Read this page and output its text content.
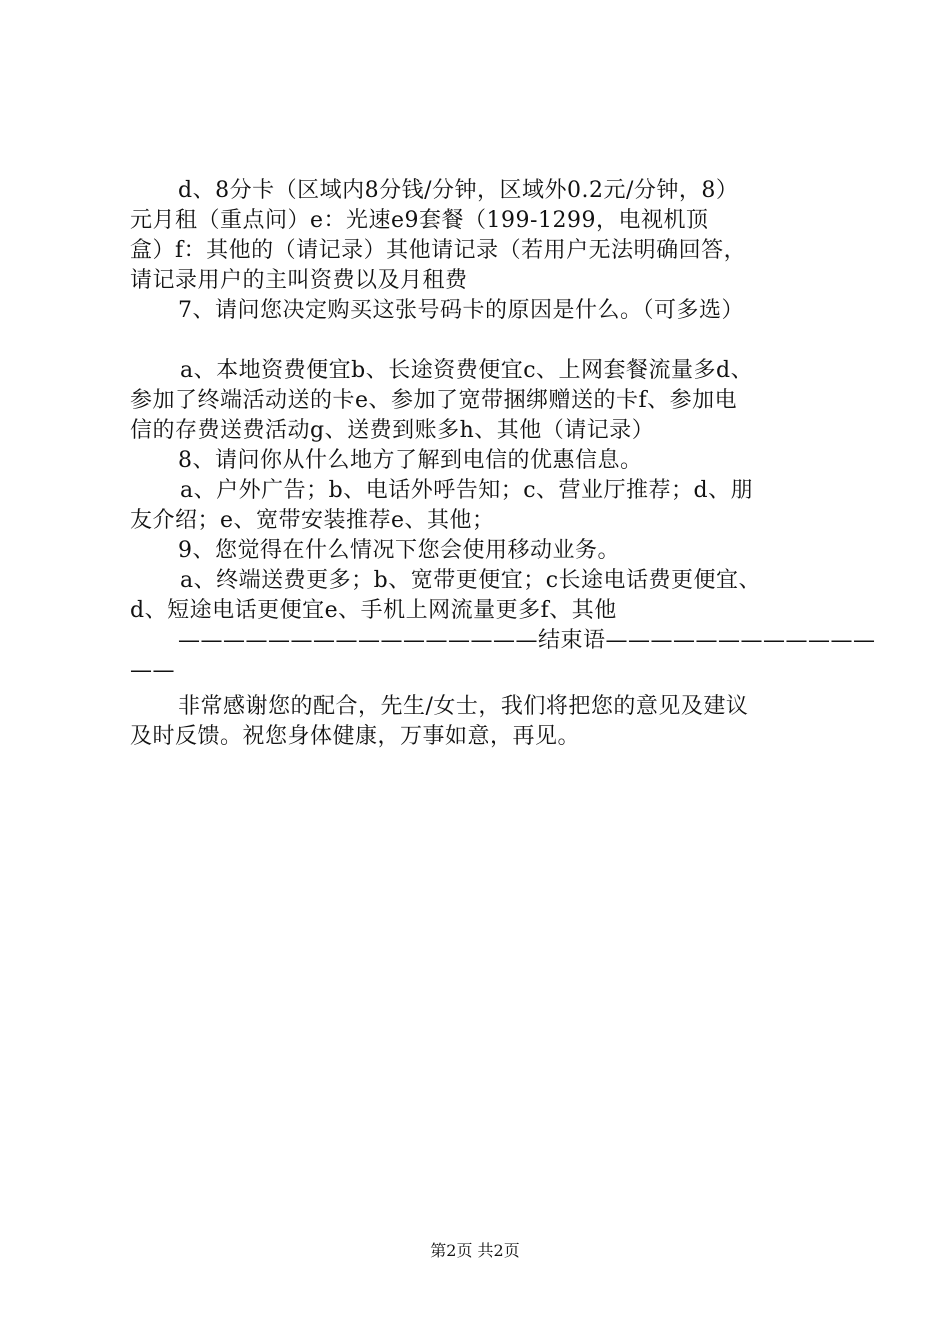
d、8分卡（区域内8分钱/分钟，区域外0.2元/分钟，8）
元月租（重点问）e：光速e9套餐（199-1299，电视机顶
盒）f：其他的（请记录）其他请记录（若用户无法明确回答，
请记录用户的主叫资费以及月租费
7、请问您决定购买这张号码卡的原因是什么。（可多选）
a、本地资费便宜b、长途资费便宜c、上网套餐流量多d、
参加了终端活动送的卡e、参加了宽带捆绑赠送的卡f、参加电
信的存费送费活动g、送费到账多h、其他（请记录）
8、请问你从什么地方了解到电信的优惠信息。
a、户外广告；b、电话外呼告知；c、营业厅推荐；d、朋
友介绍；e、宽带安装推荐e、其他；
9、您觉得在什么情况下您会使用移动业务。
a、终端送费更多；b、宽带更便宜；c长途电话费更便宜、
d、短途电话更便宜e、手机上网流量更多f、其他
————————————————结束语————————————
——
非常感谢您的配合，先生/女士，我们将把您的意见及建议
及时反馈。祝您身体健康，万事如意，再见。
第2页 共2页
